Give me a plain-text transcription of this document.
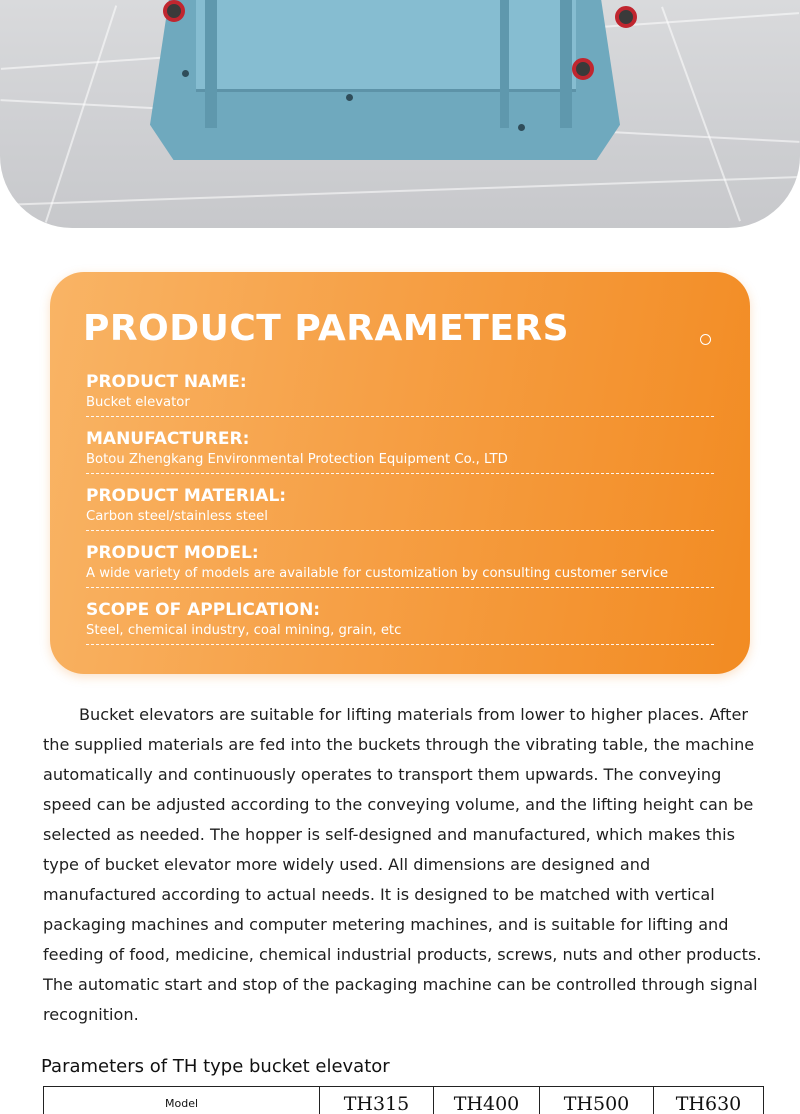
PRODUCT PARAMETERS
PRODUCT NAME:
Bucket elevator
MANUFACTURER:
Botou Zhengkang Environmental Protection Equipment Co., LTD
PRODUCT MATERIAL:
Carbon steel/stainless steel
PRODUCT MODEL:
A wide variety of models are available for customization by consulting customer service
SCOPE OF APPLICATION:
Steel, chemical industry, coal mining, grain, etc

Bucket elevators are suitable for lifting materials from lower to higher places. After the supplied materials are fed into the buckets through the vibrating table, the machine automatically and continuously operates to transport them upwards. The conveying speed can be adjusted according to the conveying volume, and the lifting height can be selected as needed. The hopper is self-designed and manufactured, which makes this type of bucket elevator more widely used. All dimensions are designed and manufactured according to actual needs. It is designed to be matched with vertical packaging machines and computer metering machines, and is suitable for lifting and feeding of food, medicine, chemical industrial products, screws, nuts and other products. The automatic start and stop of the packaging machine can be controlled through signal recognition.

Parameters of TH type bucket elevator
Model	TH315	TH400	TH500	TH630
